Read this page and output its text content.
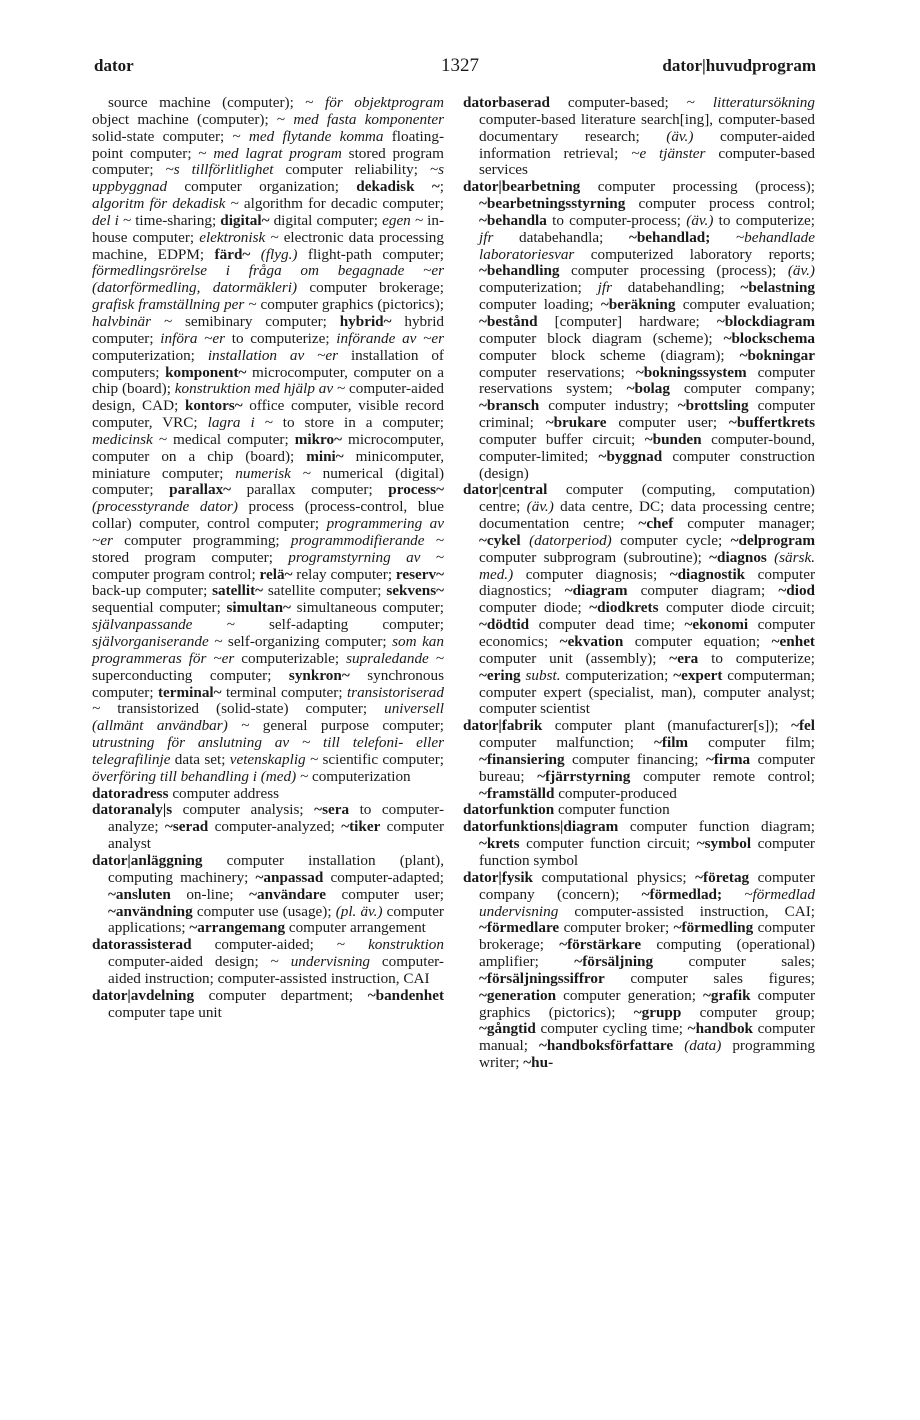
dator	1327	dator|huvudprogram

source machine (computer); ~ för objektprogram object machine (computer); ~ med fasta komponenter solid-state computer; ~ med flytande komma floating-point computer; ~ med lagrat program stored program computer; ~s tillförlitlighet computer reliability; ~s uppbyggnad computer organization; dekadisk ~; algoritm för dekadisk ~ algorithm for decadic computer; del i ~ time-sharing; digital~ digital computer; egen ~ in-house computer; elektronisk ~ electronic data processing machine, EDPM; färd~ (flyg.) flight-path computer; förmedlingsrörelse i fråga om begagnade ~er (datorförmedling, datormäkleri) computer brokerage; grafisk framställning per ~ computer graphics (pictorics); halvbinär ~ semibinary computer; hybrid~ hybrid computer; införa ~er to computerize; införande av ~er computerization; installation av ~er installation of computers; komponent~ microcomputer, computer on a chip (board); konstruktion med hjälp av ~ computer-aided design, CAD; kontors~ office computer, visible record computer, VRC; lagra i ~ to store in a computer; medicinsk ~ medical computer; mikro~ microcomputer, computer on a chip (board); mini~ minicomputer, miniature computer; numerisk ~ numerical (digital) computer; parallax~ parallax computer; process~ (processtyrande dator) process (process-control, blue collar) computer, control computer; programmering av ~er computer programming; programmodifierande ~ stored program computer; programstyrning av ~ computer program control; relä~ relay computer; reserv~ back-up computer; satellit~ satellite computer; sekvens~ sequential computer; simultan~ simultaneous computer; självanpassande ~ self-adapting computer; självorganiserande ~ self-organizing computer; som kan programmeras för ~er computerizable; supraledande ~ superconducting computer; synkron~ synchronous computer; terminal~ terminal computer; transistoriserad ~ transistorized (solid-state) computer; universell (allmänt användbar) ~ general purpose computer; utrustning för anslutning av ~ till telefoni- eller telegrafilinje data set; vetenskaplig ~ scientific computer; överföring till behandling i (med) ~ computerization

datoradress computer address

datoranaly|s computer analysis; ~sera to computer-analyze; ~serad computer-analyzed; ~tiker computer analyst

dator|anläggning computer installation (plant), computing machinery; ~anpassad computer-adapted; ~ansluten on-line; ~användare computer user; ~användning computer use (usage); (pl. äv.) computer applications; ~arrangemang computer arrangement

datorassisterad computer-aided; ~ konstruktion computer-aided design; ~ undervisning computer-aided instruction; computer-assisted instruction, CAI

dator|avdelning computer department; ~bandenhet computer tape unit

datorbaserad computer-based; ~ litteratursökning computer-based literature search[ing], computer-based documentary research; (äv.) computer-aided information retrieval; ~e tjänster computer-based services

dator|bearbetning computer processing (process); ~bearbetningsstyrning computer process control; ~behandla to computer-process; (äv.) to computerize; jfr databehandla; ~behandlad; ~behandlade laboratoriesvar computerized laboratory reports; ~behandling computer processing (process); (äv.) computerization; jfr databehandling; ~belastning computer loading; ~beräkning computer evaluation; ~bestånd [computer] hardware; ~blockdiagram computer block diagram (scheme); ~blockschema computer block scheme (diagram); ~bokningar computer reservations; ~bokningssystem computer reservations system; ~bolag computer company; ~bransch computer industry; ~brottsling computer criminal; ~brukare computer user; ~buffertkrets computer buffer circuit; ~bunden computer-bound, computer-limited; ~byggnad computer construction (design)

dator|central computer (computing, computation) centre; (äv.) data centre, DC; data processing centre; documentation centre; ~chef computer manager; ~cykel (datorperiod) computer cycle; ~delprogram computer subprogram (subroutine); ~diagnos (särsk. med.) computer diagnosis; ~diagnostik computer diagnostics; ~diagram computer diagram; ~diod computer diode; ~diodkrets computer diode circuit; ~dödtid computer dead time; ~ekonomi computer economics; ~ekvation computer equation; ~enhet computer unit (assembly); ~era to computerize; ~ering subst. computerization; ~expert computerman; computer expert (specialist, man), computer analyst; computer scientist

dator|fabrik computer plant (manufacturer[s]); ~fel computer malfunction; ~film computer film; ~finansiering computer financing; ~firma computer bureau; ~fjärrstyrning computer remote control; ~framställd computer-produced

datorfunktion computer function

datorfunktions|diagram computer function diagram; ~krets computer function circuit; ~symbol computer function symbol

dator|fysik computational physics; ~företag computer company (concern); ~förmedlad; ~förmedlad undervisning computer-assisted instruction, CAI; ~förmedlare computer broker; ~förmedling computer brokerage; ~förstärkare computing (operational) amplifier; ~försäljning computer sales; ~försäljningssiffror computer sales figures; ~generation computer generation; ~grafik computer graphics (pictorics); ~grupp computer group; ~gångtid computer cycling time; ~handbok computer manual; ~handboksförfattare (data) programming writer; ~hu-
